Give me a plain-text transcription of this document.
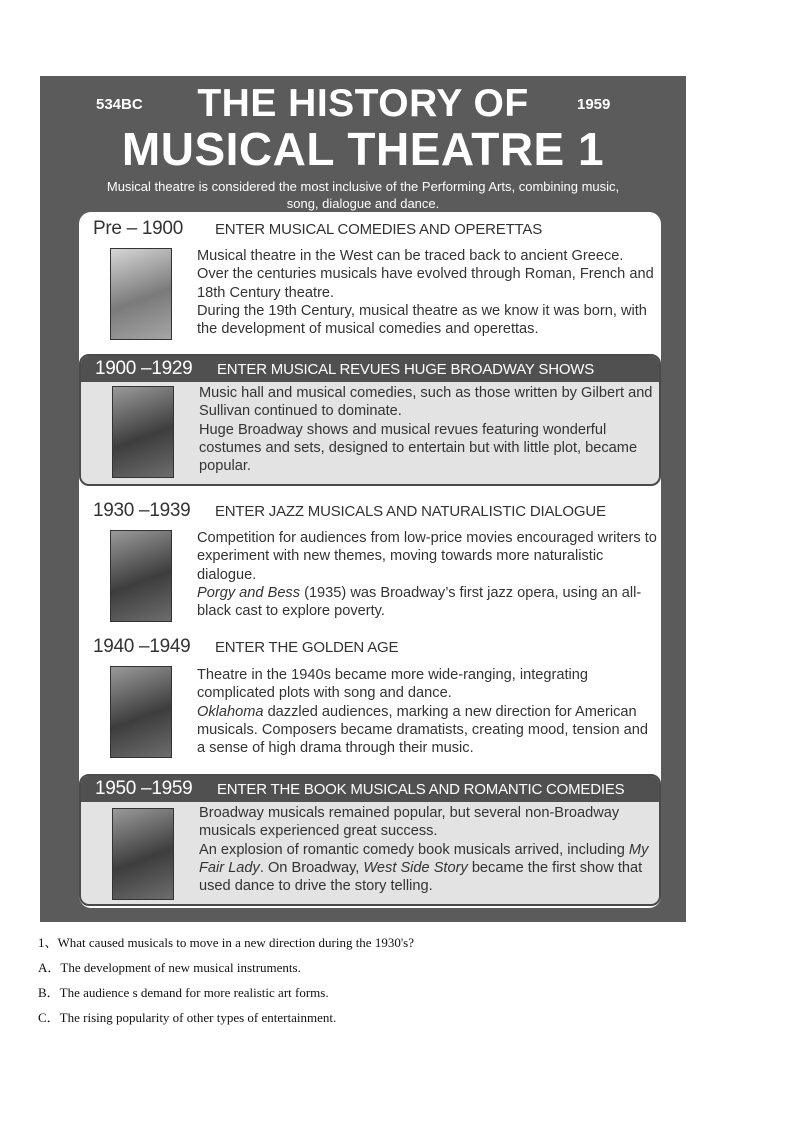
534BC	THE HISTORY OF	1959
MUSICAL THEATRE 1
Musical theatre is considered the most inclusive of the Performing Arts, combining music, song, dialogue and dance.
Pre – 1900	ENTER MUSICAL COMEDIES AND OPERETTAS

Musical theatre in the West can be traced back to ancient Greece. Over the centuries musicals have evolved through Roman, French and 18th Century theatre.

During the 19th Century, musical theatre as we know it was born, with the development of musical comedies and operettas.

1900 –1929	ENTER MUSICAL REVUES HUGE BROADWAY SHOWS

Music hall and musical comedies, such as those written by Gilbert and Sullivan continued to dominate.

Huge Broadway shows and musical revues featuring wonderful costumes and sets, designed to entertain but with little plot, became popular.

1930 –1939	ENTER JAZZ MUSICALS AND NATURALISTIC DIALOGUE

Competition for audiences from low-price movies encouraged writers to experiment with new themes, moving towards more naturalistic dialogue.

Porgy and Bess (1935) was Broadway’s first jazz opera, using an all-black cast to explore poverty.

1940 –1949	ENTER THE GOLDEN AGE

Theatre in the 1940s became more wide-ranging, integrating complicated plots with song and dance.

Oklahoma dazzled audiences, marking a new direction for American musicals. Composers became dramatists, creating mood, tension and a sense of high drama through their music.

1950 –1959	ENTER THE BOOK MUSICALS AND ROMANTIC COMEDIES

Broadway musicals remained popular, but several non-Broadway musicals experienced great success.

An explosion of romantic comedy book musicals arrived, including My Fair Lady. On Broadway, West Side Story became the first show that used dance to drive the story telling.

1、What caused musicals to move in a new direction during the 1930's?
A．The development of new musical instruments.
B．The audience s demand for more realistic art forms.
C．The rising popularity of other types of entertainment.
